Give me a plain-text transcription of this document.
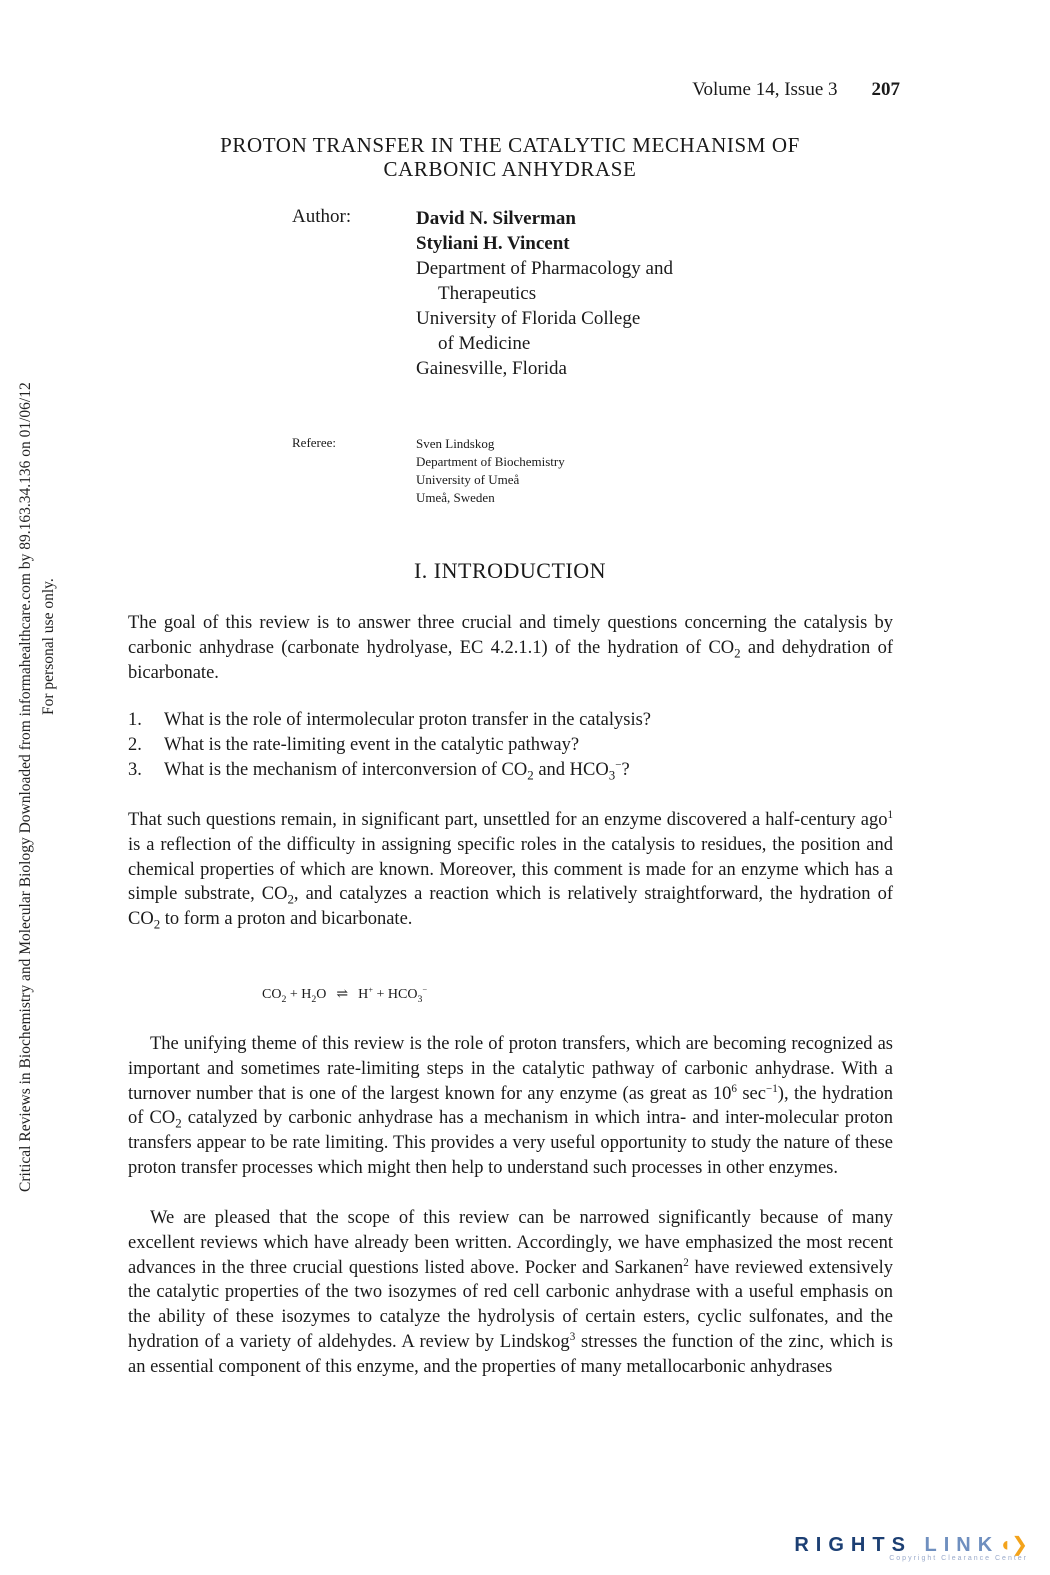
Critical Reviews in Biochemistry and Molecular Biology Downloaded from informahealthcare.com by 89.163.34.136 on 01/06/12 For personal use only.
Volume 14, Issue 3 207
PROTON TRANSFER IN THE CATALYTIC MECHANISM OF
CARBONIC ANHYDRASE
Author:	David N. Silverman
Styliani H. Vincent
Department of Pharmacology and
Therapeutics
University of Florida College
of Medicine
Gainesville, Florida
Referee:	Sven Lindskog
Department of Biochemistry
University of Umeå
Umeå, Sweden
I. INTRODUCTION

The goal of this review is to answer three crucial and timely questions concerning the catalysis by carbonic anhydrase (carbonate hydrolyase, EC 4.2.1.1) of the hydration of $CO_2$ and dehydration of bicarbonate.

1.	What is the role of intermolecular proton transfer in the catalysis?
2.	What is the rate-limiting event in the catalytic pathway?
3.	What is the mechanism of interconversion of $CO_2$ and $HCO_3^-$?

That such questions remain, in significant part, unsettled for an enzyme discovered a half-century ago$^1$ is a reflection of the difficulty in assigning specific roles in the catalysis to residues, the position and chemical properties of which are known. Moreover, this comment is made for an enzyme which has a simple substrate, $CO_2$, and catalyzes a reaction which is relatively straightforward, the hydration of $CO_2$ to form a proton and bicarbonate.

$CO_2 + H_2O$ ⇌ $H^+ + HCO_3^-$

The unifying theme of this review is the role of proton transfers, which are becoming recognized as important and sometimes rate-limiting steps in the catalytic pathway of carbonic anhydrase. With a turnover number that is one of the largest known for any enzyme (as great as $10^6$ $\sec^{-1}$), the hydration of $CO_2$ catalyzed by carbonic anhydrase has a mechanism in which intra- and inter-molecular proton transfers appear to be rate limiting. This provides a very useful opportunity to study the nature of these proton transfer processes which might then help to understand such processes in other enzymes.

We are pleased that the scope of this review can be narrowed significantly because of many excellent reviews which have already been written. Accordingly, we have emphasized the most recent advances in the three crucial questions listed above. Pocker and Sarkanen$^2$ have reviewed extensively the catalytic properties of the two isozymes of red cell carbonic anhydrase with a useful emphasis on the ability of these isozymes to catalyze the hydrolysis of certain esters, cyclic sulfonates, and the hydration of a variety of aldehydes. A review by Lindskog$^3$ stresses the function of the zinc, which is an essential component of this enzyme, and the properties of many metallocarbonic anhydrases

RIGHTS LINK◖❯
Copyright Clearance Center
